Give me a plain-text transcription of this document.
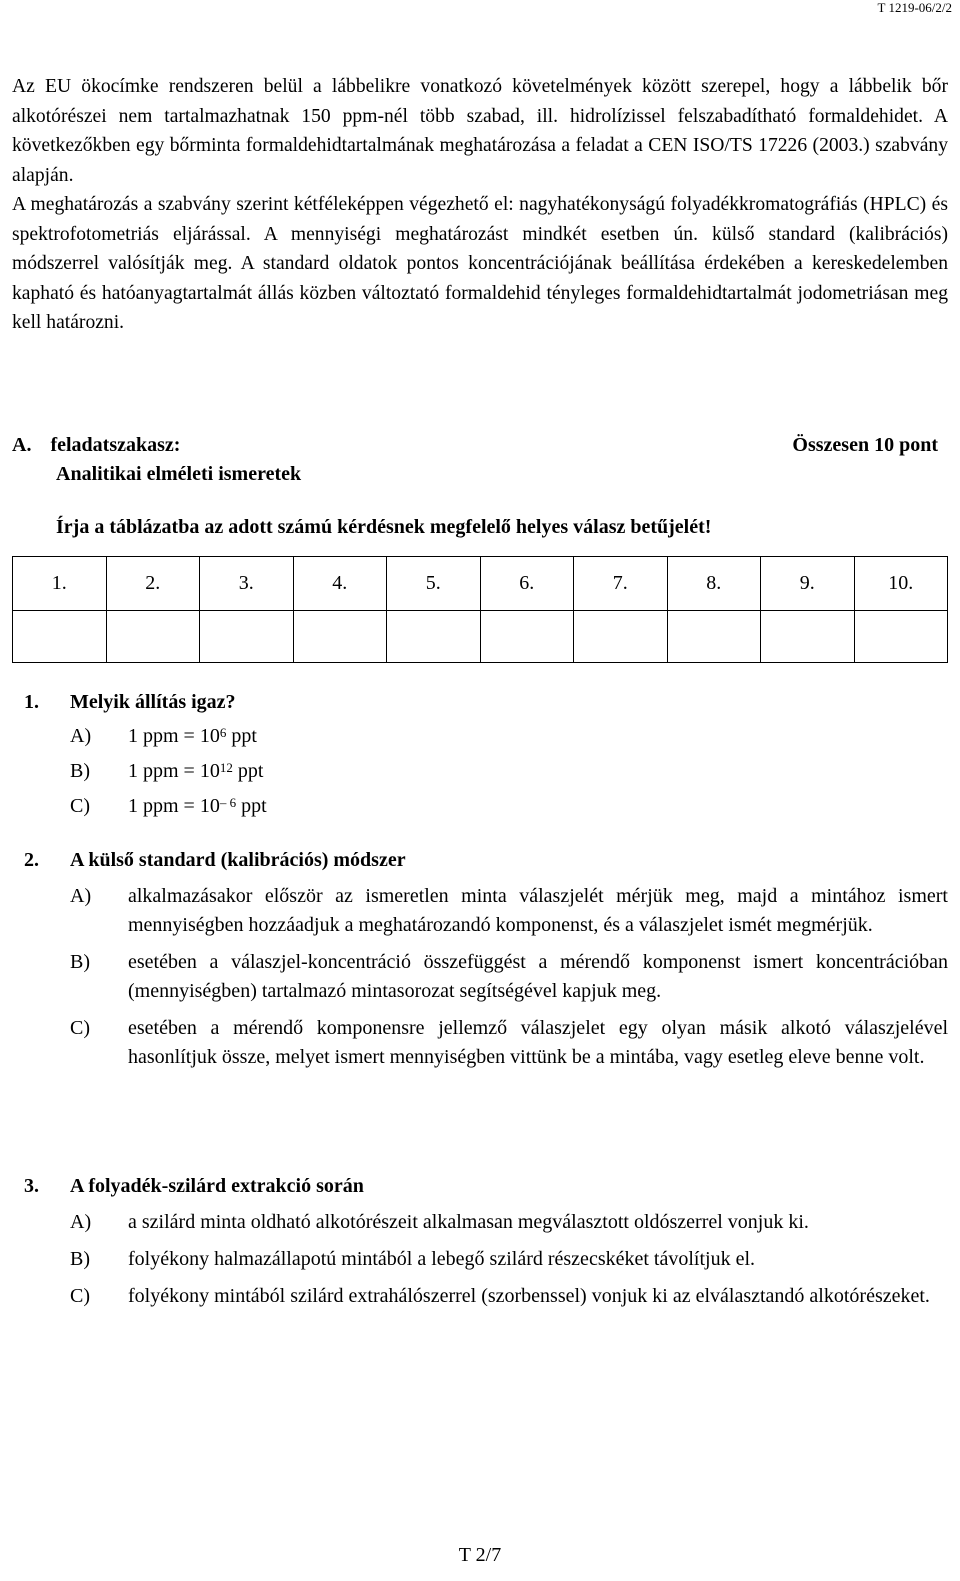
T 1219-06/2/2

Az EU ökocímke rendszeren belül a lábbelikre vonatkozó követelmények között szerepel, hogy a lábbelik bőr alkotórészei nem tartalmazhatnak 150 ppm-nél több szabad, ill. hidrolízissel felszabadítható formaldehidet. A következőkben egy bőrminta formaldehidtartalmának meghatározása a feladat a CEN ISO/TS 17226 (2003.) szabvány alapján.

A meghatározás a szabvány szerint kétféleképpen végezhető el: nagyhatékonyságú folyadékkromatográfiás (HPLC) és spektrofotometriás eljárással. A mennyiségi meghatározást mindkét esetben ún. külső standard (kalibrációs) módszerrel valósítják meg. A standard oldatok pontos koncentrációjának beállítása érdekében a kereskedelemben kapható és hatóanyagtartalmát állás közben változtató formaldehid tényleges formaldehidtartalmát jodometriásan meg kell határozni.

A. feladatszakasz:	Összesen 10 pont
Analitikai elméleti ismeretek
Írja a táblázatba az adott számú kérdésnek megfelelő helyes válasz betűjelét!
1.	2.	3.	4.	5.	6.	7.	8.	9.	10.

1.	Melyik állítás igaz?
A)	1 ppm = $10^6$ ppt
B)	1 ppm = $10^{12}$ ppt
C)	1 ppm = $10^{- 6}$ ppt
2.	A külső standard (kalibrációs) módszer
A)	alkalmazásakor először az ismeretlen minta válaszjelét mérjük meg, majd a mintához ismert mennyiségben hozzáadjuk a meghatározandó komponenst, és a válaszjelet ismét megmérjük.
B)	esetében a válaszjel-koncentráció összefüggést a mérendő komponenst ismert koncentrációban (mennyiségben) tartalmazó mintasorozat segítségével kapjuk meg.
C)	esetében a mérendő komponensre jellemző válaszjelet egy olyan másik alkotó válaszjelével hasonlítjuk össze, melyet ismert mennyiségben vittünk be a mintába, vagy esetleg eleve benne volt.
3.	A folyadék-szilárd extrakció során
A)	a szilárd minta oldható alkotórészeit alkalmasan megválasztott oldószerrel vonjuk ki.
B)	folyékony halmazállapotú mintából a lebegő szilárd részecskéket távolítjuk el.
C)	folyékony mintából szilárd extrahálószerrel (szorbenssel) vonjuk ki az elválasztandó alkotórészeket.
T 2/7
